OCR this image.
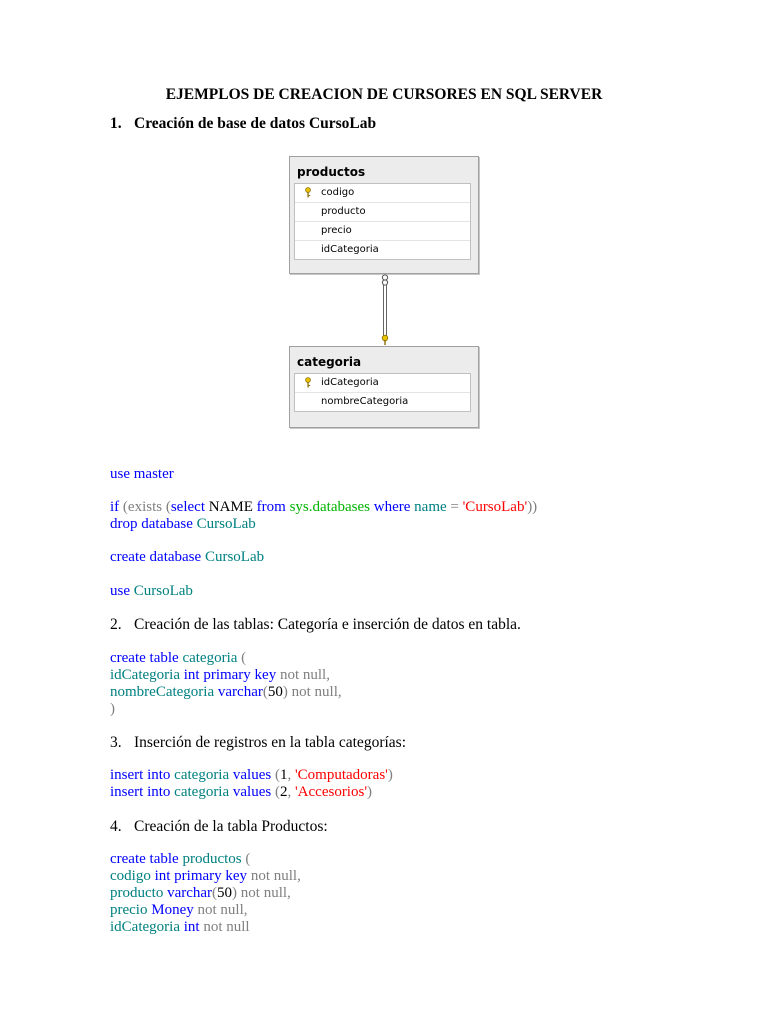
EJEMPLOS DE CREACION DE CURSORES EN SQL SERVER
1. Creación de base de datos CursoLab
productos
codigo
producto
precio
idCategoria
categoria
idCategoria
nombreCategoria
use master
if (exists (select NAME from sys.databases where name = 'CursoLab'))
drop database CursoLab
create database CursoLab
use CursoLab
2. Creación de las tablas: Categoría e inserción de datos en tabla.
create table categoria (
idCategoria int primary key not null,
nombreCategoria varchar(50) not null,
)
3. Inserción de registros en la tabla categorías:
insert into categoria values (1, 'Computadoras')
insert into categoria values (2, 'Accesorios')
4. Creación de la tabla Productos:
create table productos (
codigo int primary key not null,
producto varchar(50) not null,
precio Money not null,
idCategoria int not null
